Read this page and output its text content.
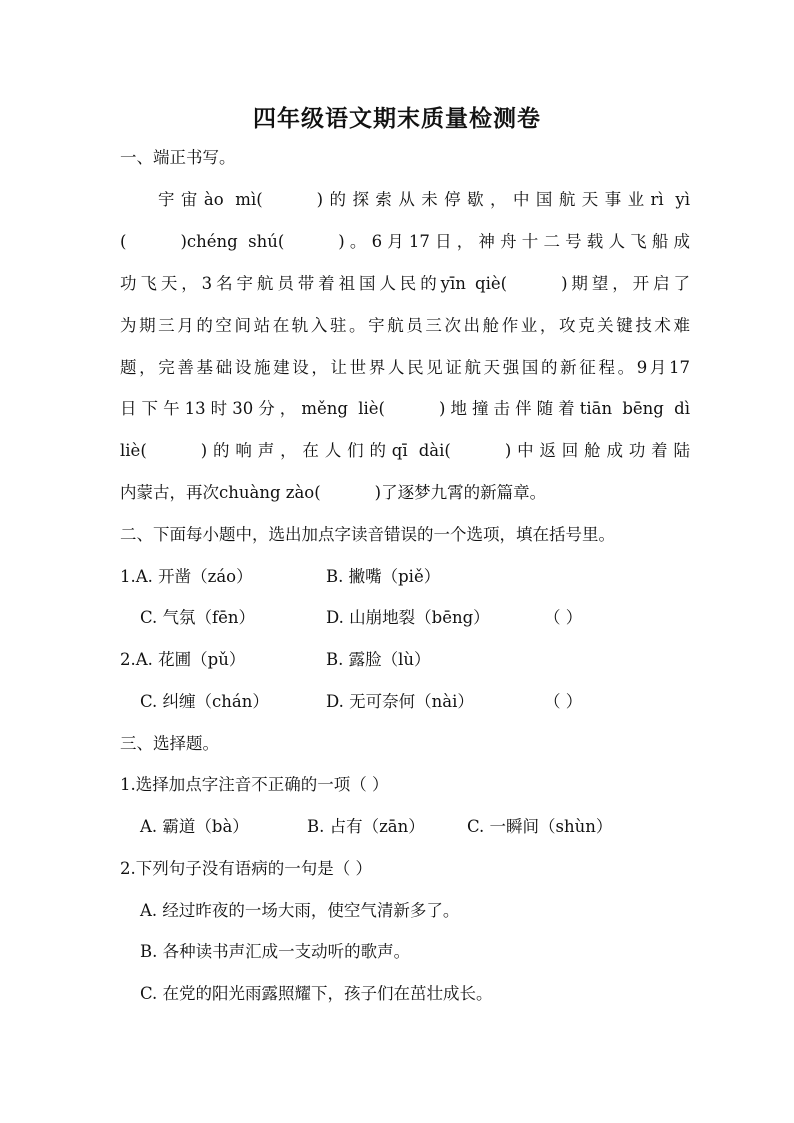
四年级语文期末质量检测卷
一、端正书写。
宇宙ào mì(	)的探索从未停歇，中国航天事业rì yì
(	)chéng shú(	)。6月17日，神舟十二号载人飞船成
功飞天，3名宇航员带着祖国人民的yīn qiè(	)期望，开启了
为期三月的空间站在轨入驻。宇航员三次出舱作业，攻克关键技术难
题，完善基础设施建设，让世界人民见证航天强国的新征程。9月17
日下午13时30分，měng liè(	)地撞击伴随着tiān bēng dì
liè(	)的响声，在人们的qī dài(	)中返回舱成功着陆
内蒙古，再次chuàng zào(	)了逐梦九霄的新篇章。
二、下面每小题中，选出加点字读音错误的一个选项，填在括号里。
1.A. 开凿（záo）	B. 撇嘴（piě）
C. 气氛（fēn）	D. 山崩地裂（bēng）	（ ）
2.A. 花圃（pǔ）	B. 露脸（lù）
C. 纠缠（chán）	D. 无可奈何（nài）	（ ）
三、选择题。
1.选择加点字注音不正确的一项（ ）
A. 霸道（bà）	B. 占有（zān）	C. 一瞬间（shùn）
2.下列句子没有语病的一句是（ ）
A. 经过昨夜的一场大雨，使空气清新多了。
B. 各种读书声汇成一支动听的歌声。
C. 在党的阳光雨露照耀下，孩子们在茁壮成长。
